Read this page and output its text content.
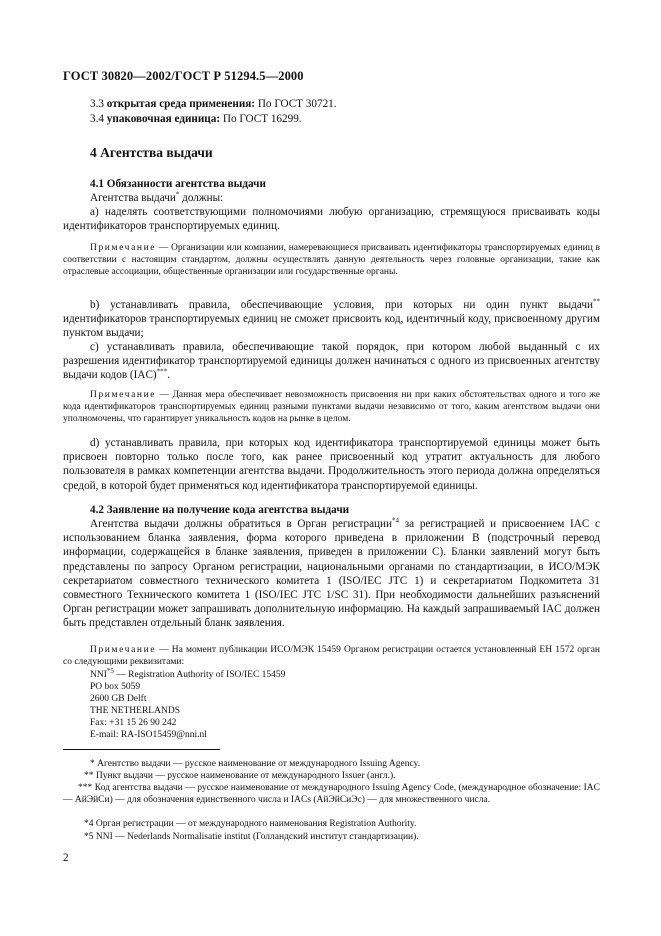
ГОСТ 30820—2002/ГОСТ Р 51294.5—2000
3.3 открытая среда применения: По ГОСТ 30721.
3.4 упаковочная единица: По ГОСТ 16299.
4 Агентства выдачи
4.1 Обязанности агентства выдачи
Агентства выдачи* должны:
а) наделять соответствующими полномочиями любую организацию, стремящуюся присваивать коды идентификаторов транспортируемых единиц.
Примечание — Организации или компании, намеревающиеся присваивать идентификаторы транспортируемых единиц в соответствии с настоящим стандартом, должны осуществлять данную деятельность через головные организации, такие как отраслевые ассоциации, общественные организации или государственные органы.
b) устанавливать правила, обеспечивающие условия, при которых ни один пункт выдачи** идентификаторов транспортируемых единиц не сможет присвоить код, идентичный коду, присвоенному другим пунктом выдачи;
c) устанавливать правила, обеспечивающие такой порядок, при котором любой выданный с их разрешения идентификатор транспортируемой единицы должен начинаться с одного из присвоенных агентству выдачи кодов (IAC)***.
Примечание — Данная мера обеспечивает невозможность присвоения ни при каких обстоятельствах одного и того же кода идентификаторов транспортируемых единиц разными пунктами выдачи независимо от того, каким агентством выдачи они уполномочены, что гарантирует уникальность кодов на рынке в целом.
d) устанавливать правила, при которых код идентификатора транспортируемой единицы может быть присвоен повторно только после того, как ранее присвоенный код утратит актуальность для любого пользователя в рамках компетенции агентства выдачи. Продолжительность этого периода должна определяться средой, в которой будет применяться код идентификатора транспортируемой единицы.
4.2 Заявление на получение кода агентства выдачи
Агентства выдачи должны обратиться в Орган регистрации$^{*4}$ за регистрацией и присвоением IAC с использованием бланка заявления, форма которого приведена в приложении В (подстрочный перевод информации, содержащейся в бланке заявления, приведен в приложении С). Бланки заявлений могут быть представлены по запросу Органом регистрации, национальными органами по стандартизации, в ИСО/МЭК секретариатом совместного технического комитета 1 (ISO/IEC JTC 1) и секретариатом Подкомитета 31 совместного Технического комитета 1 (ISO/IEC JTC 1/SC 31). При необходимости дальнейших разъяснений Орган регистрации может запрашивать дополнительную информацию. На каждый запрашиваемый IAC должен быть представлен отдельный бланк заявления.
Примечание — На момент публикации ИСО/МЭК 15459 Органом регистрации остается установленный ЕН 1572 орган со следующими реквизитами:
NNI$^{*5}$ — Registration Authority of ISO/IEC 15459
PO box 5059
2600 GB Delft
THE NETHERLANDS
Fax: +31 15 26 90 242
E-mail: RA-ISO15459@nni.nl
* Агентство выдачи — русское наименование от международного Issuing Agency.
** Пункт выдачи — русское наименование от международного Issuer (англ.).
*** Код агентства выдачи — русское наименование от международного Issuing Agency Code, (международное обозначение: IAC — АйЭйСи) — для обозначения единственного числа и IACs (АйЭйСиЭс) — для множественного числа.
*4 Орган регистрации — от международного наименования Registration Authority.
*5 NNI — Nederlands Normalisatie institut (Голландский институт стандартизации).
2
